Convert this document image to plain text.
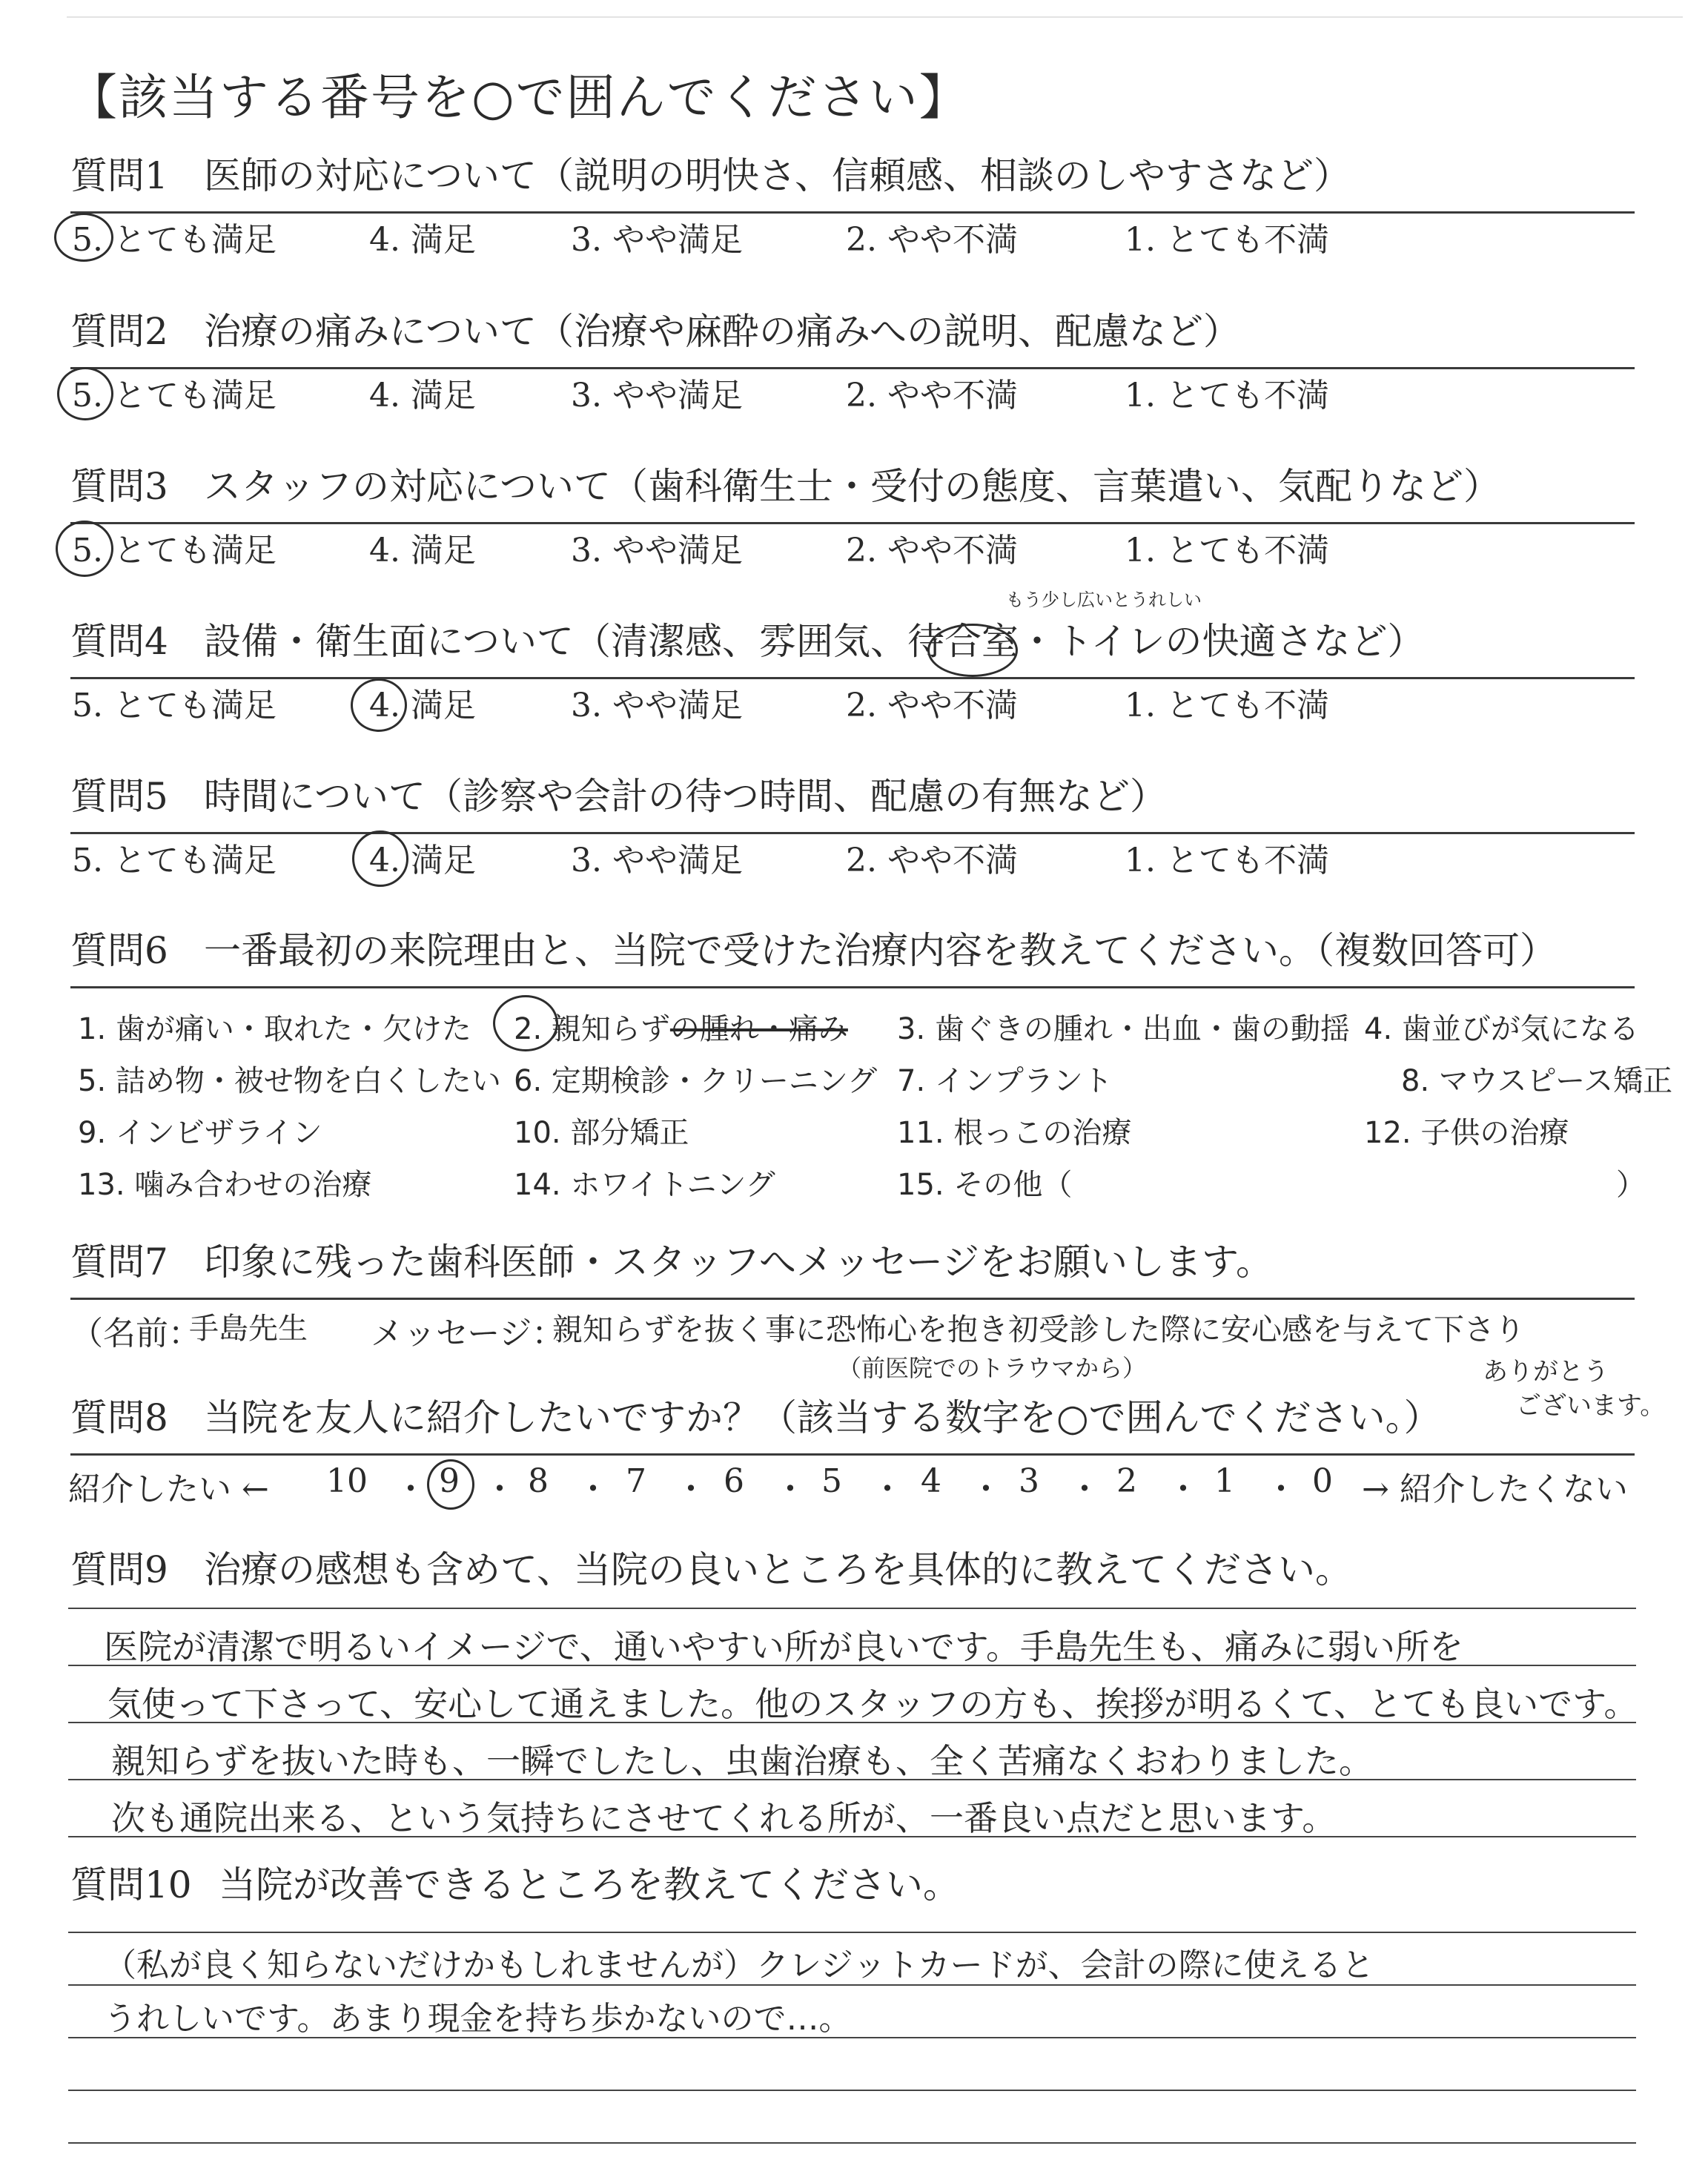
【該当する番号を○で囲んでください】
質問1 医師の対応について（説明の明快さ、信頼感、相談のしやすさなど）
5. とても満足	4. 満足	3. やや満足	2. やや不満	1. とても不満
質問2 治療の痛みについて（治療や麻酔の痛みへの説明、配慮など）
5. とても満足	4. 満足	3. やや満足	2. やや不満	1. とても不満
質問3 スタッフの対応について（歯科衛生士・受付の態度、言葉遣い、気配りなど）
5. とても満足	4. 満足	3. やや満足	2. やや不満	1. とても不満
質問4 設備・衛生面について（清潔感、雰囲気、待合室・トイレの快適さなど）
5. とても満足	4. 満足	3. やや満足	2. やや不満	1. とても不満
もう少し広いとうれしい
質問5 時間について（診察や会計の待つ時間、配慮の有無など）
5. とても満足	4. 満足	3. やや満足	2. やや不満	1. とても不満
質問6 一番最初の来院理由と、当院で受けた治療内容を教えてください。（複数回答可）
1. 歯が痛い・取れた・欠けた 2. 親知らずの腫れ・痛み 3. 歯ぐきの腫れ・出血・歯の動揺 4. 歯並びが気になる
5. 詰め物・被せ物を白くしたい 6. 定期検診・クリーニング 7. インプラント	8. マウスピース矯正
9. インビザライン	10. 部分矯正	11. 根っこの治療	12. 子供の治療
13. 噛み合わせの治療	14. ホワイトニング	15. その他（	）
質問7 印象に残った歯科医師・スタッフへメッセージをお願いします。
（名前：
手島先生 メッセージ：
親知らずを抜く事に恐怖心を抱き初受診した際に安心感を与えて下さり
（前医院でのトラウマから）	ありがとう
ございます。
質問8 当院を友人に紹介したいですか？（該当する数字を○で囲んでください。）
紹介したい ← 10 ・ 9 ・ 8 ・ 7 ・ 6 ・ 5 ・ 4 ・ 3 ・ 2 ・ 1 ・ 0 → 紹介したくない
質問9 治療の感想も含めて、当院の良いところを具体的に教えてください。
医院が清潔で明るいイメージで、通いやすい所が良いです。手島先生も、痛みに弱い所を
気使って下さって、安心して通えました。他のスタッフの方も、挨拶が明るくて、とても良いです。
親知らずを抜いた時も、一瞬でしたし、虫歯治療も、全く苦痛なくおわりました。
次も通院出来る、という気持ちにさせてくれる所が、一番良い点だと思います。
質問10 当院が改善できるところを教えてください。
（私が良く知らないだけかもしれませんが）クレジットカードが、会計の際に使えると
うれしいです。あまり現金を持ち歩かないので…。
